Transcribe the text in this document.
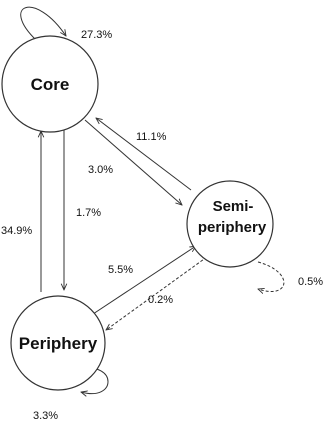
Core
Semi-
periphery
Periphery
27.3%
11.1%
3.0%
34.9%
1.7%
5.5%
0.2%
0.5%
3.3%
